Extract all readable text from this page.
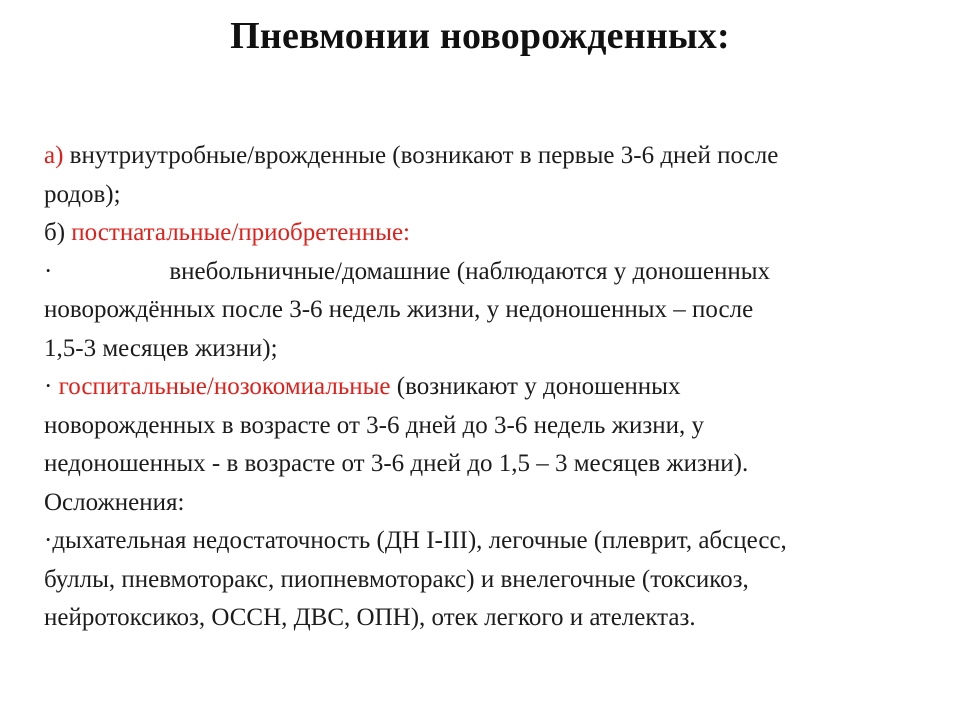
Пневмонии новорожденных:
а) внутриутробные/врожденные (возникают в первые 3-6 дней после
родов);
б) постнатальные/приобретенные:
·	внебольничные/домашние (наблюдаются у доношенных
новорождённых после 3-6 недель жизни, у недоношенных – после
1,5-3 месяцев жизни);
· госпитальные/нозокомиальные (возникают у доношенных
новорожденных в возрасте от 3-6 дней до 3-6 недель жизни, у
недоношенных - в возрасте от 3-6 дней до 1,5 – 3 месяцев жизни).
Осложнения:
·дыхательная недостаточность (ДН I-III), легочные (плеврит, абсцесс,
буллы, пневмоторакс, пиопневмоторакс) и внелегочные (токсикоз,
нейротоксикоз, ОССН, ДВС, ОПН), отек легкого и ателектаз.
